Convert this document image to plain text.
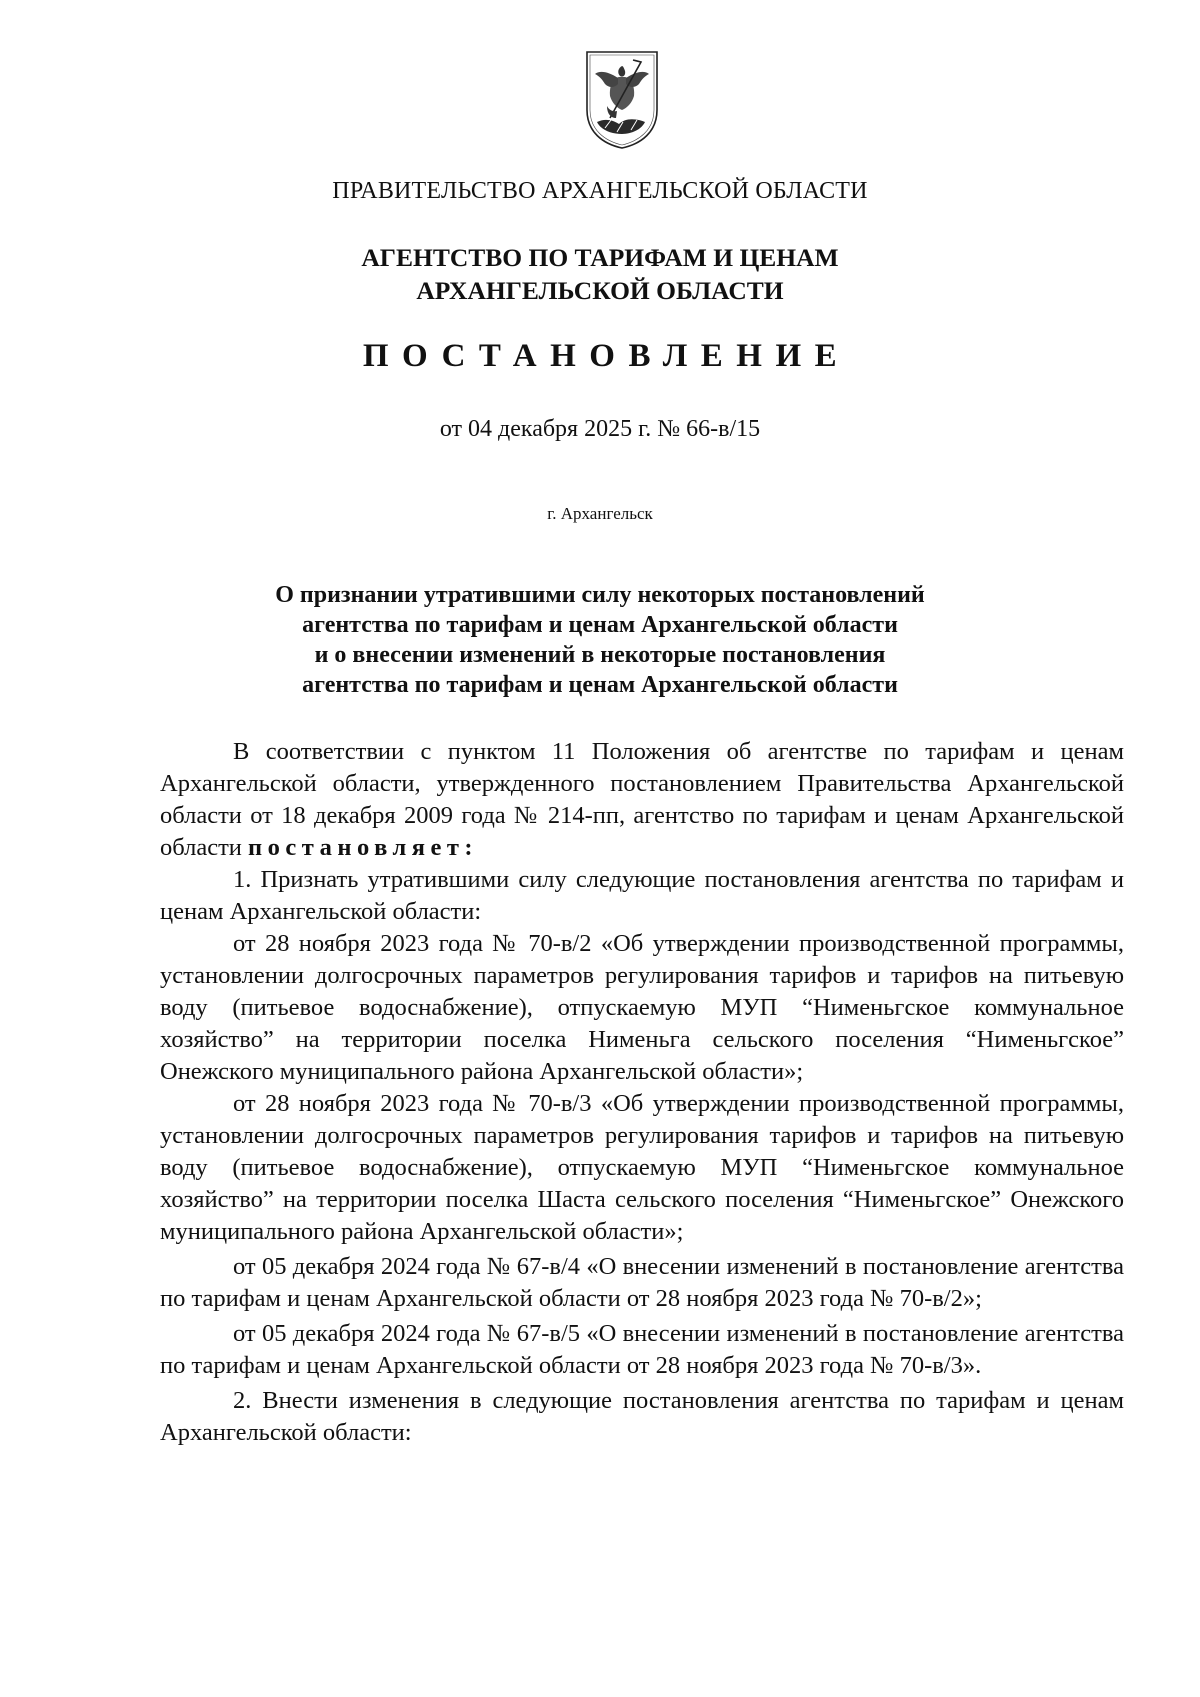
ПРАВИТЕЛЬСТВО АРХАНГЕЛЬСКОЙ ОБЛАСТИ
АГЕНТСТВО ПО ТАРИФАМ И ЦЕНАМ
АРХАНГЕЛЬСКОЙ ОБЛАСТИ
ПОСТАНОВЛЕНИЕ
от 04 декабря 2025 г. № 66-в/15
г. Архангельск
О признании утратившими силу некоторых постановлений
агентства по тарифам и ценам Архангельской области
и о внесении изменений в некоторые постановления
агентства по тарифам и ценам Архангельской области

В соответствии с пунктом 11 Положения об агентстве по тарифам и ценам Архангельской области, утвержденного постановлением Правительства Архангельской области от 18 декабря 2009 года № 214-пп, агентство по тарифам и ценам Архангельской области постановляет:

1. Признать утратившими силу следующие постановления агентства по тарифам и ценам Архангельской области:

от 28 ноября 2023 года № 70-в/2 «Об утверждении производственной программы, установлении долгосрочных параметров регулирования тарифов и тарифов на питьевую воду (питьевое водоснабжение), отпускаемую МУП “Нименьгское коммунальное хозяйство” на территории поселка Нименьга сельского поселения “Нименьгское” Онежского муниципального района Архангельской области»;

от 28 ноября 2023 года № 70-в/3 «Об утверждении производственной программы, установлении долгосрочных параметров регулирования тарифов и тарифов на питьевую воду (питьевое водоснабжение), отпускаемую МУП “Нименьгское коммунальное хозяйство” на территории поселка Шаста сельского поселения “Нименьгское” Онежского муниципального района Архангельской области»;

от 05 декабря 2024 года № 67-в/4 «О внесении изменений в постановление агентства по тарифам и ценам Архангельской области от 28 ноября 2023 года № 70-в/2»;

от 05 декабря 2024 года № 67-в/5 «О внесении изменений в постановление агентства по тарифам и ценам Архангельской области от 28 ноября 2023 года № 70-в/3».

2. Внести изменения в следующие постановления агентства по тарифам и ценам Архангельской области:
